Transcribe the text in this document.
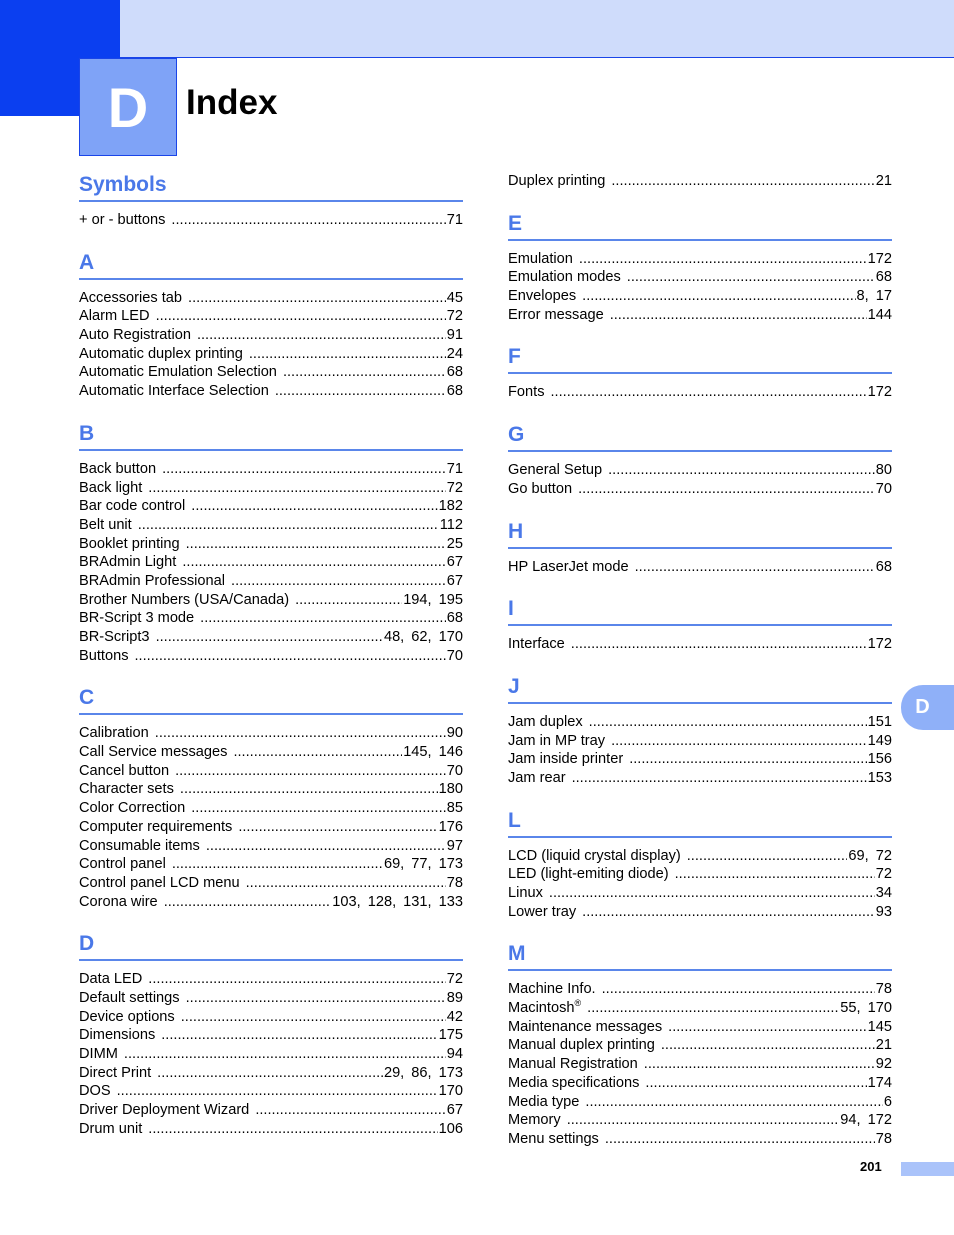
D Index
Symbols
+ or - buttons .....	71
A
Accessories tab .....	45
Alarm LED .....	72
Auto Registration .....	91
Automatic duplex printing .....	24
Automatic Emulation Selection .....	68
Automatic Interface Selection .....	68
B
Back button .....	71
Back light .....	72
Bar code control .....	182
Belt unit .....	112
Booklet printing .....	25
BRAdmin Light .....	67
BRAdmin Professional .....	67
Brother Numbers (USA/Canada) .....	194, 195
BR-Script 3 mode .....	68
BR-Script3 .....	48, 62, 170
Buttons .....	70
C
Calibration .....	90
Call Service messages .....	145, 146
Cancel button .....	70
Character sets .....	180
Color Correction .....	85
Computer requirements .....	176
Consumable items .....	97
Control panel .....	69, 77, 173
Control panel LCD menu .....	78
Corona wire .....	103, 128, 131, 133
D
Data LED .....	72
Default settings .....	89
Device options .....	42
Dimensions .....	175
DIMM .....	94
Direct Print .....	29, 86, 173
DOS .....	170
Driver Deployment Wizard .....	67
Drum unit .....	106
Duplex printing .....	21
E
Emulation .....	172
Emulation modes .....	68
Envelopes .....	8, 17
Error message .....	144
F
Fonts .....	172
G
General Setup .....	80
Go button .....	70
H
HP LaserJet mode .....	68
I
Interface .....	172
J
Jam duplex .....	151
Jam in MP tray .....	149
Jam inside printer .....	156
Jam rear .....	153
L
LCD (liquid crystal display) .....	69, 72
LED (light-emiting diode) .....	72
Linux .....	34
Lower tray .....	93
M
Machine Info. .....	78
Macintosh® .....	55, 170
Maintenance messages .....	145
Manual duplex printing .....	21
Manual Registration .....	92
Media specifications .....	174
Media type .....	6
Memory .....	94, 172
Menu settings .....	78
D
201
